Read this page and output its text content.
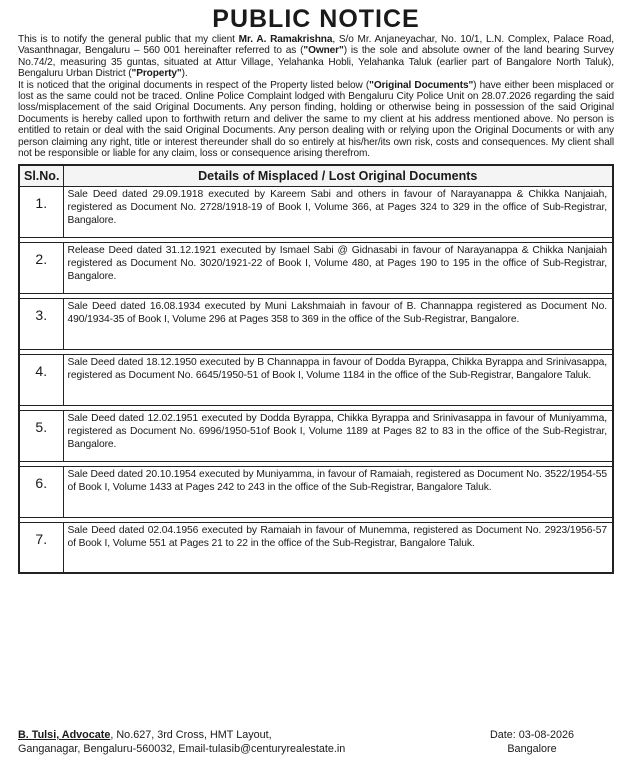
PUBLIC NOTICE

This is to notify the general public that my client Mr. A. Ramakrishna, S/o Mr. Anjaneyachar, No. 10/1, L.N. Complex, Palace Road, Vasanthnagar, Bengaluru – 560 001 hereinafter referred to as ("Owner") is the sole and absolute owner of the land bearing Survey No.74/2, measuring 35 guntas, situated at Attur Village, Yelahanka Hobli, Yelahanka Taluk (earlier part of Bangalore North Taluk), Bengaluru Urban District ("Property").

It is noticed that the original documents in respect of the Property listed below ("Original Documents") have either been misplaced or lost as the same could not be traced. Online Police Complaint lodged with Bengaluru City Police Unit on 28.07.2026 regarding the said loss/misplacement of the said Original Documents. Any person finding, holding or otherwise being in possession of the said Original Documents is hereby called upon to forthwith return and deliver the same to my client at his address mentioned above. No person is entitled to retain or deal with the said Original Documents. Any person dealing with or relying upon the Original Documents or with any person claiming any right, title or interest thereunder shall do so entirely at his/her/its own risk, costs and consequences. My client shall not be responsible or liable for any claim, loss or consequence arising therefrom.

Sl.No.	Details of Misplaced / Lost Original Documents
1.	Sale Deed dated 29.09.1918 executed by Kareem Sabi and others in favour of Narayanappa & Chikka Nanjaiah, registered as Document No. 2728/1918-19 of Book I, Volume 366, at Pages 324 to 329 in the office of Sub-Registrar, Bangalore.

2.	Release Deed dated 31.12.1921 executed by Ismael Sabi @ Gidnasabi in favour of Narayanappa & Chikka Nanjaiah registered as Document No. 3020/1921-22 of Book I, Volume 480, at Pages 190 to 195 in the office of Sub-Registrar, Bangalore.

3.	Sale Deed dated 16.08.1934 executed by Muni Lakshmaiah in favour of B. Channappa registered as Document No. 490/1934-35 of Book I, Volume 296 at Pages 358 to 369 in the office of the Sub-Registrar, Bangalore.

4.	Sale Deed dated 18.12.1950 executed by B Channappa in favour of Dodda Byrappa, Chikka Byrappa and Srinivasappa, registered as Document No. 6645/1950-51 of Book I, Volume 1184 in the office of the Sub-Registrar, Bangalore Taluk.

5.	Sale Deed dated 12.02.1951 executed by Dodda Byrappa, Chikka Byrappa and Srinivasappa in favour of Muniyamma, registered as Document No. 6996/1950-51of Book I, Volume 1189 at Pages 82 to 83 in the office of the Sub-Registrar, Bangalore.

6.	Sale Deed dated 20.10.1954 executed by Muniyamma, in favour of Ramaiah, registered as Document No. 3522/1954-55 of Book I, Volume 1433 at Pages 242 to 243 in the office of the Sub-Registrar, Bangalore Taluk.

7.	Sale Deed dated 02.04.1956 executed by Ramaiah in favour of Munemma, registered as Document No. 2923/1956-57 of Book I, Volume 551 at Pages 21 to 22 in the office of the Sub-Registrar, Bangalore Taluk.
B. Tulsi, Advocate, No.627, 3rd Cross, HMT Layout,
Ganganagar, Bengaluru-560032, Email-tulasib@centuryrealestate.in
Date: 03-08-2026
Bangalore
